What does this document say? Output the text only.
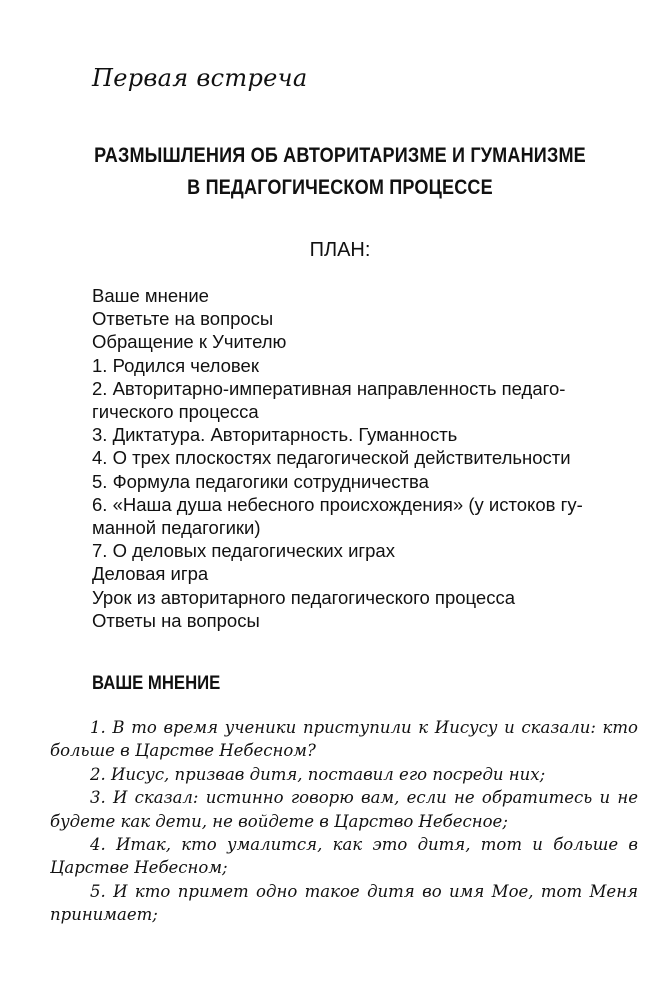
Первая встреча
РАЗМЫШЛЕНИЯ ОБ АВТОРИТАРИЗМЕ И ГУМАНИЗМЕ
В ПЕДАГОГИЧЕСКОМ ПРОЦЕССЕ
ПЛАН:
Ваше мнение
Ответьте на вопросы
Обращение к Учителю
1. Родился человек
2. Авторитарно-императивная направленность педаго-
гического процесса
3. Диктатура. Авторитарность. Гуманность
4. О трех плоскостях педагогической действительности
5. Формула педагогики сотрудничества
6. «Наша душа небесного происхождения» (у истоков гу-
манной педагогики)
7. О деловых педагогических играх
Деловая игра
Урок из авторитарного педагогического процесса
Ответы на вопросы
ВАШЕ МНЕНИЕ

1. В то время ученики приступили к Иисусу и сказали: кто больше в Царстве Небесном?

2. Иисус, призвав дитя, поставил его посреди них;

3. И сказал: истинно говорю вам, если не обратитесь и не будете как дети, не войдете в Царство Небесное;

4. Итак, кто умалится, как это дитя, тот и больше в Царстве Небесном;

5. И кто примет одно такое дитя во имя Мое, тот Меня принимает;
